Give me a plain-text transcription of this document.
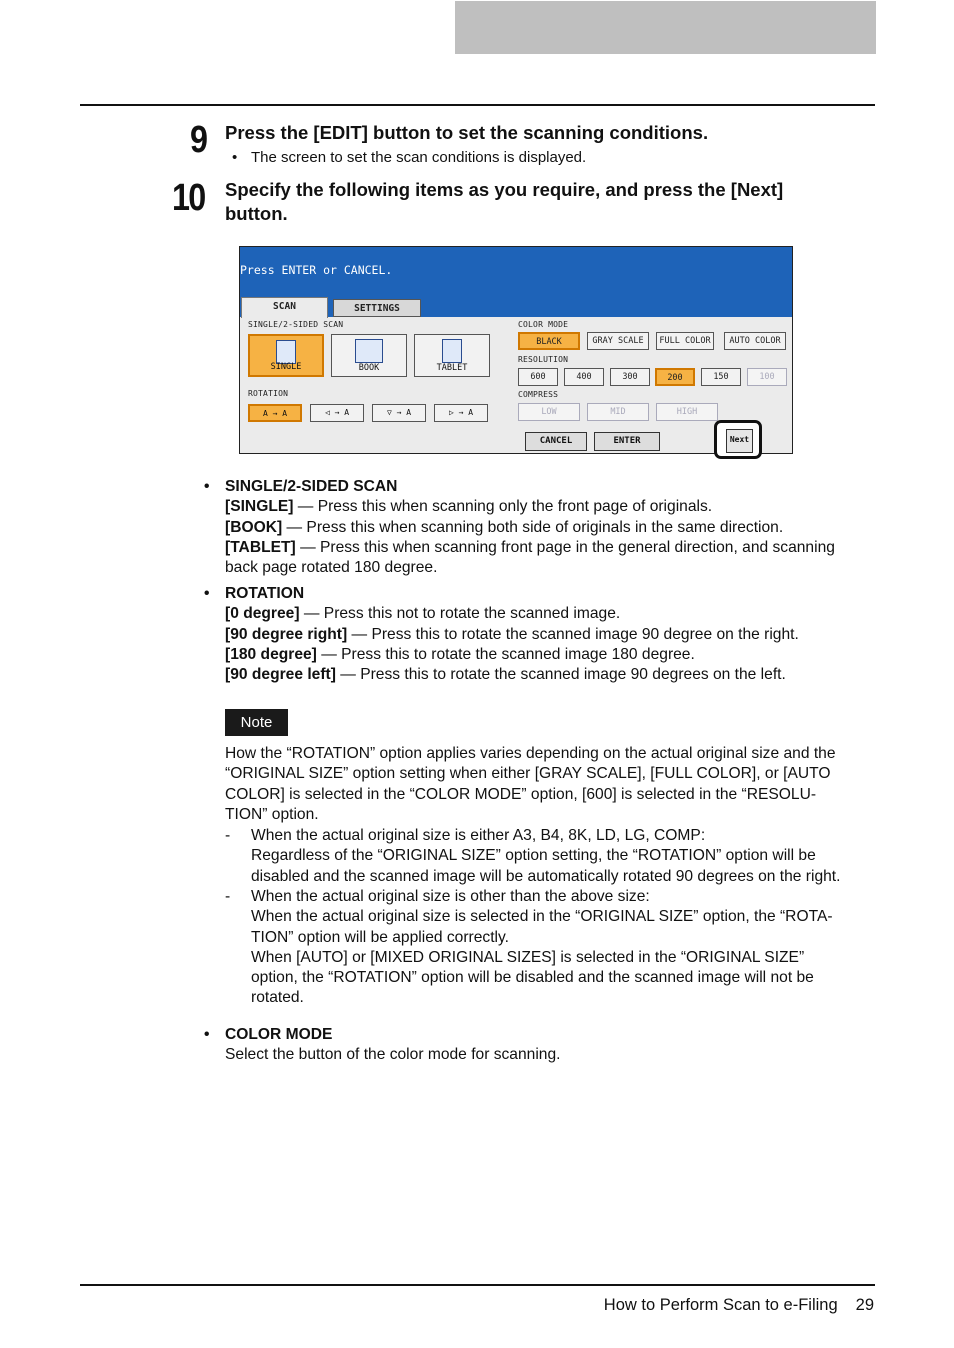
9 Press the [EDIT] button to set the scanning conditions.
• The screen to set the scan conditions is displayed.
10 Specify the following items as you require, and press the [Next]
button.
Press ENTER or CANCEL.
SCAN	SETTINGS
SINGLE/2-SIDED SCAN
SINGLE	BOOK	TABLET
ROTATION
A → A	◁ → A	▽ → A	▷ → A
COLOR MODE
BLACK	GRAY SCALE	FULL COLOR	AUTO COLOR
RESOLUTION
600	400	300	200	150	100
COMPRESS
LOW	MID	HIGH
CANCEL	ENTER	Next
• SINGLE/2-SIDED SCAN
[SINGLE] — Press this when scanning only the front page of originals.
[BOOK] — Press this when scanning both side of originals in the same direction.
[TABLET] — Press this when scanning front page in the general direction, and scanning
back page rotated 180 degree.
• ROTATION
[0 degree] — Press this not to rotate the scanned image.
[90 degree right] — Press this to rotate the scanned image 90 degree on the right.
[180 degree] — Press this to rotate the scanned image 180 degree.
[90 degree left] — Press this to rotate the scanned image 90 degrees on the left.
Note
How the “ROTATION” option applies varies depending on the actual original size and the
“ORIGINAL SIZE” option setting when either [GRAY SCALE], [FULL COLOR], or [AUTO
COLOR] is selected in the “COLOR MODE” option, [600] is selected in the “RESOLU-
TION” option.
- When the actual original size is either A3, B4, 8K, LD, LG, COMP:
Regardless of the “ORIGINAL SIZE” option setting, the “ROTATION” option will be
disabled and the scanned image will be automatically rotated 90 degrees on the right.
- When the actual original size is other than the above size:
When the actual original size is selected in the “ORIGINAL SIZE” option, the “ROTA-
TION” option will be applied correctly.
When [AUTO] or [MIXED ORIGINAL SIZES] is selected in the “ORIGINAL SIZE”
option, the “ROTATION” option will be disabled and the scanned image will not be
rotated.
• COLOR MODE
Select the button of the color mode for scanning.
How to Perform Scan to e-Filing 29
